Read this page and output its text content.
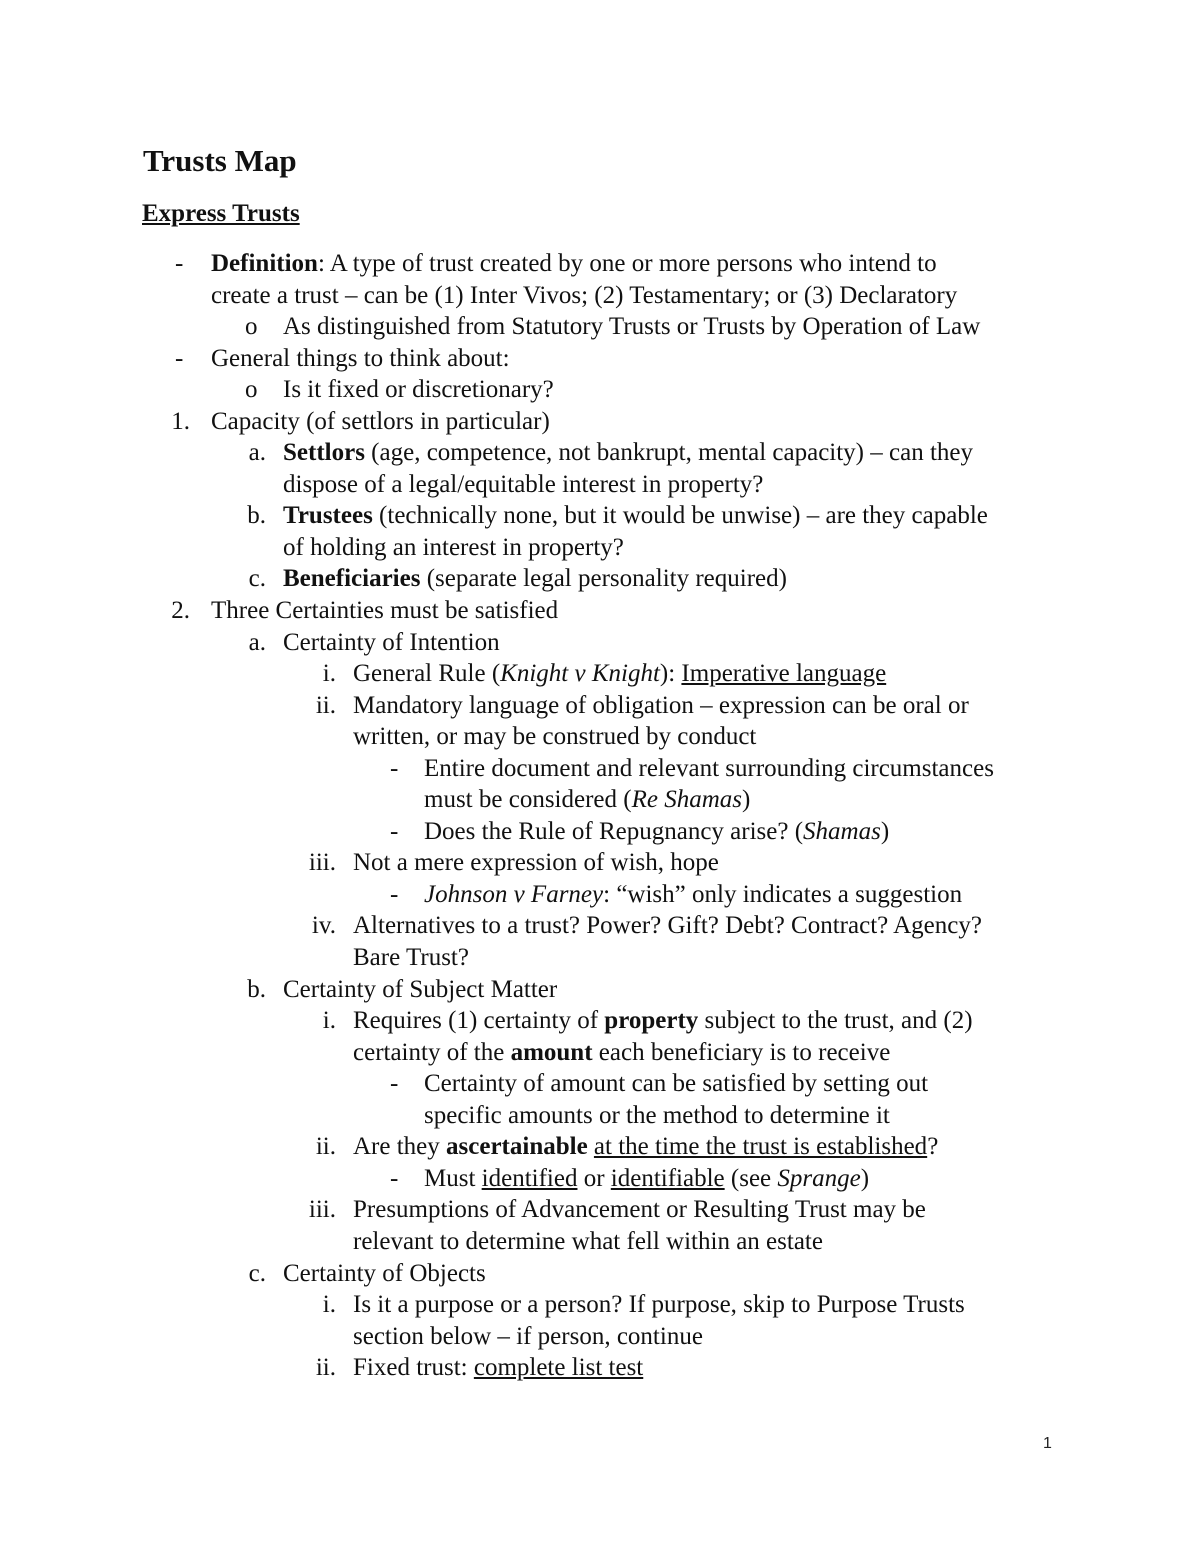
Trusts Map
Express Trusts
- Definition: A type of trust created by one or more persons who intend to
create a trust – can be (1) Inter Vivos; (2) Testamentary; or (3) Declaratory
o As distinguished from Statutory Trusts or Trusts by Operation of Law
- General things to think about:
o Is it fixed or discretionary?
1. Capacity (of settlors in particular)
a. Settlors (age, competence, not bankrupt, mental capacity) – can they
dispose of a legal/equitable interest in property?
b. Trustees (technically none, but it would be unwise) – are they capable
of holding an interest in property?
c. Beneficiaries (separate legal personality required)
2. Three Certainties must be satisfied
a. Certainty of Intention
i. General Rule (Knight v Knight): Imperative language
ii. Mandatory language of obligation – expression can be oral or
written, or may be construed by conduct
- Entire document and relevant surrounding circumstances
must be considered (Re Shamas)
- Does the Rule of Repugnancy arise? (Shamas)
iii. Not a mere expression of wish, hope
- Johnson v Farney: “wish” only indicates a suggestion
iv. Alternatives to a trust? Power? Gift? Debt? Contract? Agency?
Bare Trust?
b. Certainty of Subject Matter
i. Requires (1) certainty of property subject to the trust, and (2)
certainty of the amount each beneficiary is to receive
- Certainty of amount can be satisfied by setting out
specific amounts or the method to determine it
ii. Are they ascertainable at the time the trust is established?
- Must identified or identifiable (see Sprange)
iii. Presumptions of Advancement or Resulting Trust may be
relevant to determine what fell within an estate
c. Certainty of Objects
i. Is it a purpose or a person? If purpose, skip to Purpose Trusts
section below – if person, continue
ii. Fixed trust: complete list test
1
